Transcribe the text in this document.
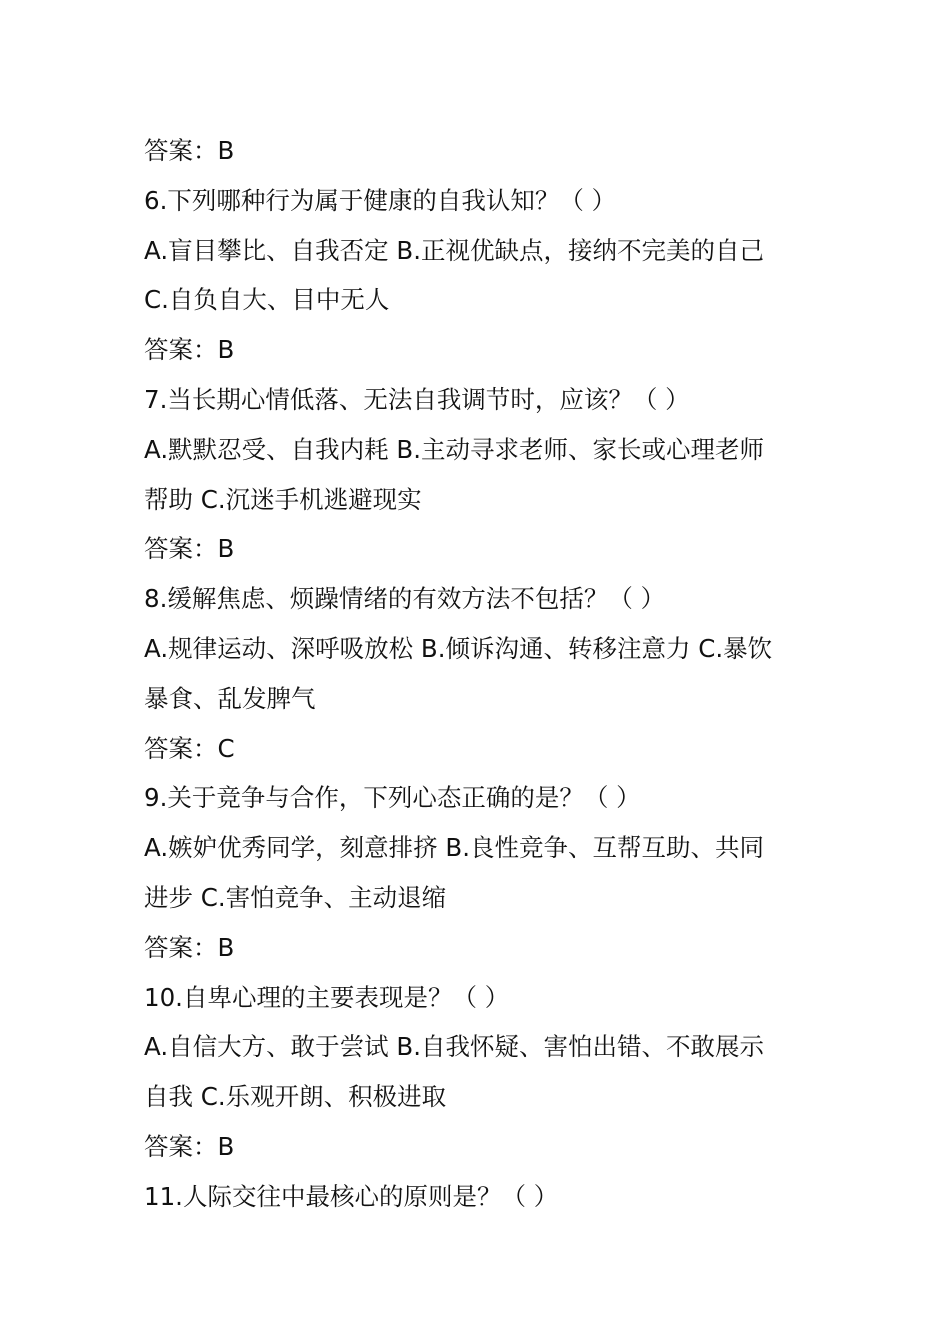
答案：B
6.下列哪种行为属于健康的自我认知？（ ）
A.盲目攀比、自我否定 B.正视优缺点，接纳不完美的自己
C.自负自大、目中无人
答案：B
7.当长期心情低落、无法自我调节时，应该？（ ）
A.默默忍受、自我内耗 B.主动寻求老师、家长或心理老师
帮助 C.沉迷手机逃避现实
答案：B
8.缓解焦虑、烦躁情绪的有效方法不包括？（ ）
A.规律运动、深呼吸放松 B.倾诉沟通、转移注意力 C.暴饮
暴食、乱发脾气
答案：C
9.关于竞争与合作，下列心态正确的是？（ ）
A.嫉妒优秀同学，刻意排挤 B.良性竞争、互帮互助、共同
进步 C.害怕竞争、主动退缩
答案：B
10.自卑心理的主要表现是？（ ）
A.自信大方、敢于尝试 B.自我怀疑、害怕出错、不敢展示
自我 C.乐观开朗、积极进取
答案：B
11.人际交往中最核心的原则是？（ ）
